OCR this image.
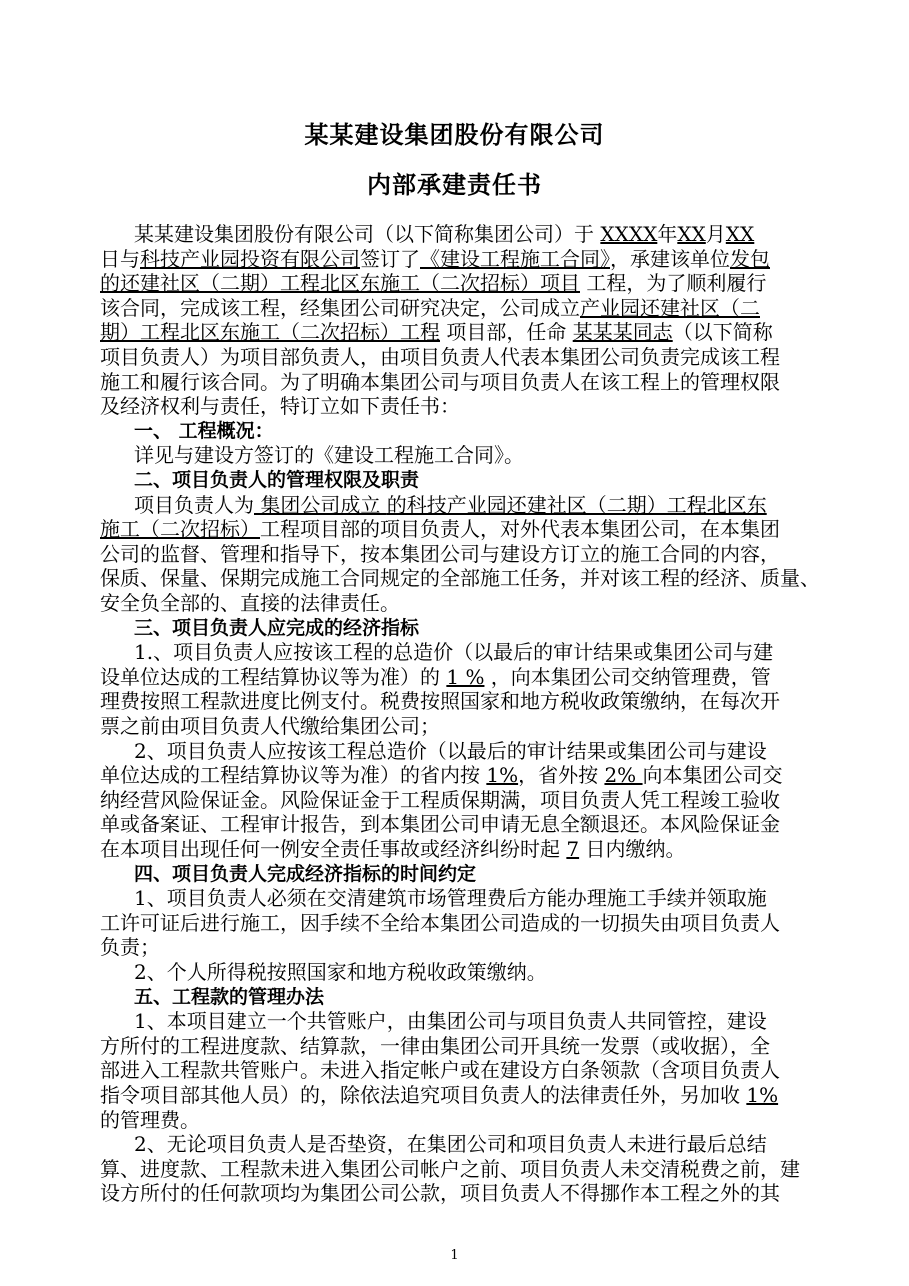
某某建设集团股份有限公司
内部承建责任书
某某建设集团股份有限公司（以下简称集团公司）于 XXXX年XX月XX
日与科技产业园投资有限公司签订了《建设工程施工合同》，承建该单位发包
的还建社区（二期）工程北区东施工（二次招标）项目 工程，为了顺利履行
该合同，完成该工程，经集团公司研究决定，公司成立产业园还建社区（二
期）工程北区东施工（二次招标）工程 项目部，任命 某某某同志（以下简称
项目负责人）为项目部负责人，由项目负责人代表本集团公司负责完成该工程
施工和履行该合同。为了明确本集团公司与项目负责人在该工程上的管理权限
及经济权利与责任，特订立如下责任书：
一、 工程概况：
详见与建设方签订的《建设工程施工合同》。
二、项目负责人的管理权限及职责
项目负责人为 集团公司成立 的科技产业园还建社区（二期）工程北区东
施工（二次招标）工程项目部的项目负责人，对外代表本集团公司，在本集团
公司的监督、管理和指导下，按本集团公司与建设方订立的施工合同的内容，
保质、保量、保期完成施工合同规定的全部施工任务，并对该工程的经济、质量、
安全负全部的、直接的法律责任。
三、项目负责人应完成的经济指标
1.、项目负责人应按该工程的总造价（以最后的审计结果或集团公司与建
设单位达成的工程结算协议等为准）的 1 % ，向本集团公司交纳管理费，管
理费按照工程款进度比例支付。税费按照国家和地方税收政策缴纳，在每次开
票之前由项目负责人代缴给集团公司；
2、项目负责人应按该工程总造价（以最后的审计结果或集团公司与建设
单位达成的工程结算协议等为准）的省内按 1%，省外按 2% 向本集团公司交
纳经营风险保证金。风险保证金于工程质保期满，项目负责人凭工程竣工验收
单或备案证、工程审计报告，到本集团公司申请无息全额退还。本风险保证金
在本项目出现任何一例安全责任事故或经济纠纷时起 7 日内缴纳。
四、项目负责人完成经济指标的时间约定
1、项目负责人必须在交清建筑市场管理费后方能办理施工手续并领取施
工许可证后进行施工，因手续不全给本集团公司造成的一切损失由项目负责人
负责；
2、个人所得税按照国家和地方税收政策缴纳。
五、工程款的管理办法
1、本项目建立一个共管账户，由集团公司与项目负责人共同管控，建设
方所付的工程进度款、结算款，一律由集团公司开具统一发票（或收据），全
部进入工程款共管账户。未进入指定帐户或在建设方白条领款（含项目负责人
指令项目部其他人员）的，除依法追究项目负责人的法律责任外，另加收 1%
的管理费。
2、无论项目负责人是否垫资，在集团公司和项目负责人未进行最后总结
算、进度款、工程款未进入集团公司帐户之前、项目负责人未交清税费之前，建
设方所付的任何款项均为集团公司公款，项目负责人不得挪作本工程之外的其
1
